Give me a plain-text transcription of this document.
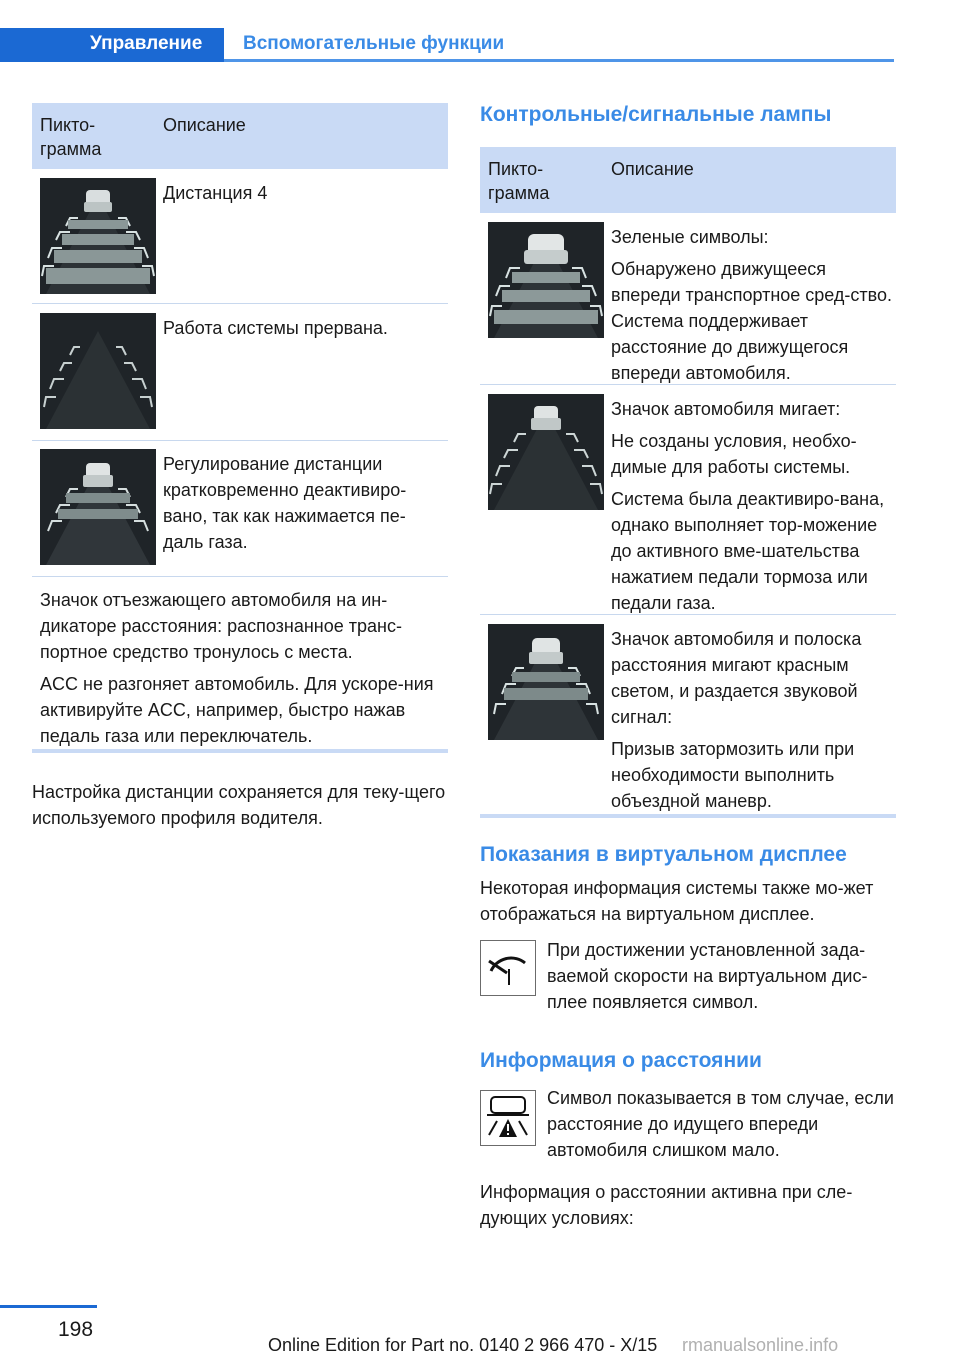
Управление Вспомогательные функции
Пикто-
грамма
Описание

Дистанция 4

Работа системы прервана.

Регулирование дистанции кратковременно деактивиро-вано, так как нажимается пе-даль газа.

Значок отъезжающего автомобиля на ин-дикаторе расстояния: распознанное транс-портное средство тронулось с места.

ACC не разгоняет автомобиль. Для ускоре-ния активируйте ACC, например, быстро нажав педаль газа или переключатель.

Настройка дистанции сохраняется для теку-щего используемого профиля водителя.
Контрольные/сигнальные лампы
Пикто-
грамма
Описание

Зеленые символы:

Обнаружено движущееся впереди транспортное сред-ство. Система поддерживает расстояние до движущегося впереди автомобиля.

Значок автомобиля мигает:

Не созданы условия, необхо-димые для работы системы.

Система была деактивиро-вана, однако выполняет тор-можение до активного вме-шательства нажатием педали тормоза или педали газа.

Значок автомобиля и полоска расстояния мигают красным светом, и раздается звуковой сигнал:

Призыв затормозить или при необходимости выполнить объездной маневр.

Показания в виртуальном дисплее
Некоторая информация системы также мо-жет отображаться на виртуальном дисплее.
При достижении установленной зада-ваемой скорости на виртуальном дис-плее появляется символ.
Информация о расстоянии
Символ показывается в том случае, если расстояние до идущего впереди автомобиля слишком мало.
Информация о расстоянии активна при сле-дующих условиях:
198
Online Edition for Part no. 0140 2 966 470 - X/15 rmanualsonline.info
